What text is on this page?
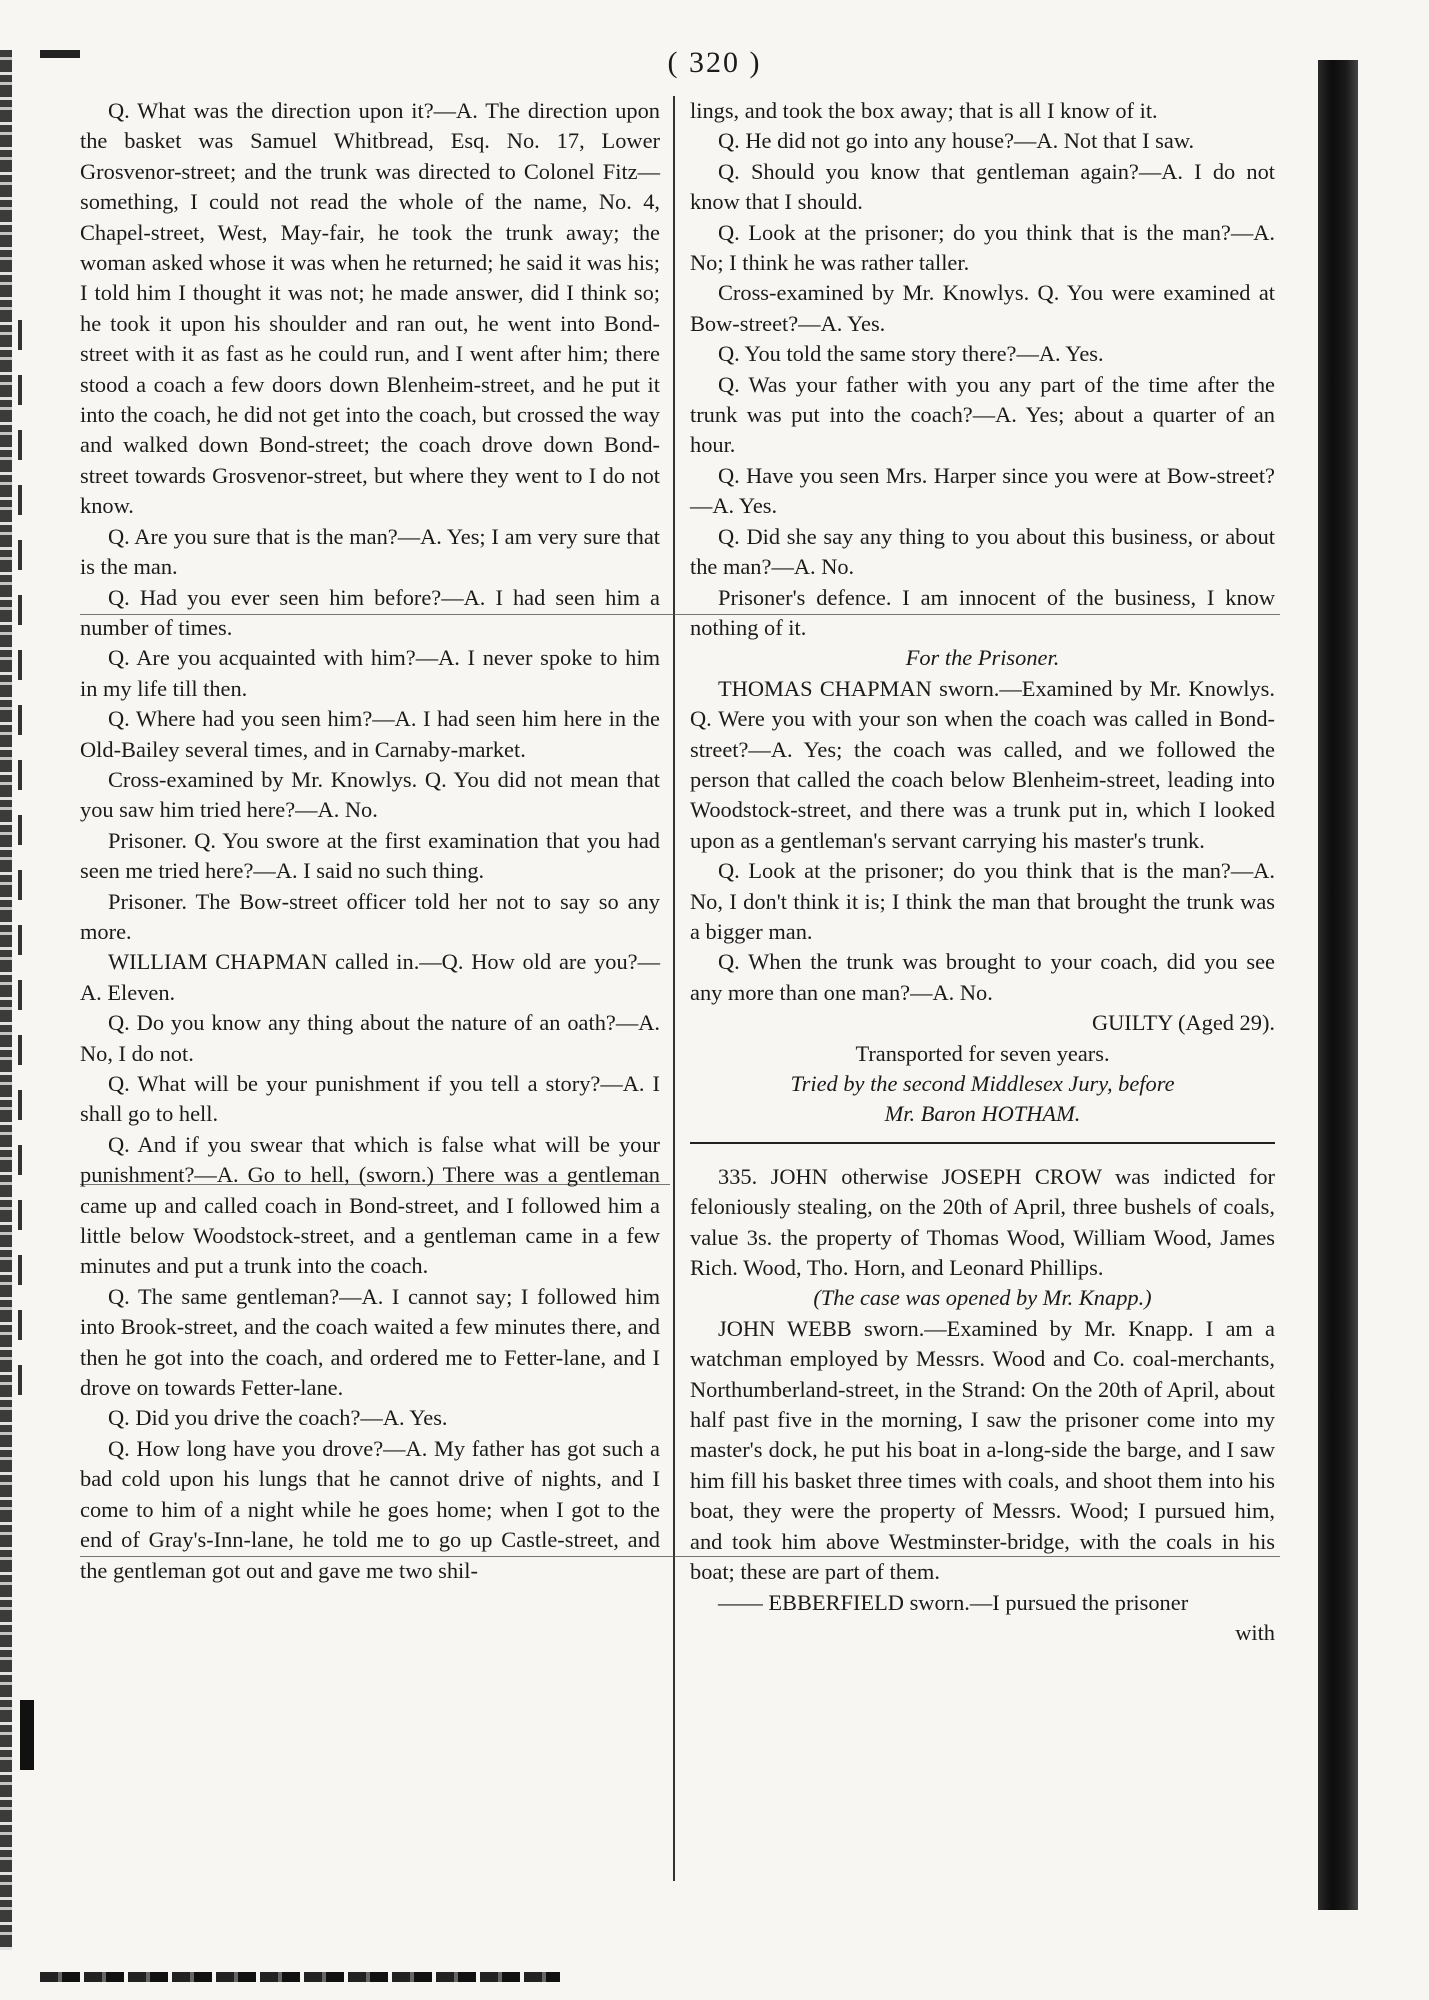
( 320 )

Q. What was the direction upon it?—A. The direction upon the basket was Samuel Whitbread, Esq. No. 17, Lower Grosvenor-street; and the trunk was directed to Colonel Fitz— something, I could not read the whole of the name, No. 4, Chapel-street, West, May-fair, he took the trunk away; the woman asked whose it was when he returned; he said it was his; I told him I thought it was not; he made answer, did I think so; he took it upon his shoulder and ran out, he went into Bond-street with it as fast as he could run, and I went after him; there stood a coach a few doors down Blenheim-street, and he put it into the coach, he did not get into the coach, but crossed the way and walked down Bond-street; the coach drove down Bond-street towards Grosvenor-street, but where they went to I do not know.

Q. Are you sure that is the man?—A. Yes; I am very sure that is the man.

Q. Had you ever seen him before?—A. I had seen him a number of times.

Q. Are you acquainted with him?—A. I never spoke to him in my life till then.

Q. Where had you seen him?—A. I had seen him here in the Old-Bailey several times, and in Carnaby-market.

Cross-examined by Mr. Knowlys. Q. You did not mean that you saw him tried here?—A. No.

Prisoner. Q. You swore at the first examination that you had seen me tried here?—A. I said no such thing.

Prisoner. The Bow-street officer told her not to say so any more.

WILLIAM CHAPMAN called in.—Q. How old are you?—A. Eleven.

Q. Do you know any thing about the nature of an oath?—A. No, I do not.

Q. What will be your punishment if you tell a story?—A. I shall go to hell.

Q. And if you swear that which is false what will be your punishment?—A. Go to hell, (sworn.) There was a gentleman came up and called coach in Bond-street, and I followed him a little below Woodstock-street, and a gentleman came in a few minutes and put a trunk into the coach.

Q. The same gentleman?—A. I cannot say; I followed him into Brook-street, and the coach waited a few minutes there, and then he got into the coach, and ordered me to Fetter-lane, and I drove on towards Fetter-lane.

Q. Did you drive the coach?—A. Yes.

Q. How long have you drove?—A. My father has got such a bad cold upon his lungs that he cannot drive of nights, and I come to him of a night while he goes home; when I got to the end of Gray's-Inn-lane, he told me to go up Castle-street, and the gentleman got out and gave me two shil-

lings, and took the box away; that is all I know of it.

Q. He did not go into any house?—A. Not that I saw.

Q. Should you know that gentleman again?—A. I do not know that I should.

Q. Look at the prisoner; do you think that is the man?—A. No; I think he was rather taller.

Cross-examined by Mr. Knowlys. Q. You were examined at Bow-street?—A. Yes.

Q. You told the same story there?—A. Yes.

Q. Was your father with you any part of the time after the trunk was put into the coach?—A. Yes; about a quarter of an hour.

Q. Have you seen Mrs. Harper since you were at Bow-street?—A. Yes.

Q. Did she say any thing to you about this business, or about the man?—A. No.

Prisoner's defence. I am innocent of the business, I know nothing of it.

For the Prisoner.

THOMAS CHAPMAN sworn.—Examined by Mr. Knowlys. Q. Were you with your son when the coach was called in Bond-street?—A. Yes; the coach was called, and we followed the person that called the coach below Blenheim-street, leading into Woodstock-street, and there was a trunk put in, which I looked upon as a gentleman's servant carrying his master's trunk.

Q. Look at the prisoner; do you think that is the man?—A. No, I don't think it is; I think the man that brought the trunk was a bigger man.

Q. When the trunk was brought to your coach, did you see any more than one man?—A. No.

GUILTY (Aged 29).

Transported for seven years.

Tried by the second Middlesex Jury, before

Mr. Baron HOTHAM.

335. JOHN otherwise JOSEPH CROW was indicted for feloniously stealing, on the 20th of April, three bushels of coals, value 3s. the property of Thomas Wood, William Wood, James Rich. Wood, Tho. Horn, and Leonard Phillips.

(The case was opened by Mr. Knapp.)

JOHN WEBB sworn.—Examined by Mr. Knapp. I am a watchman employed by Messrs. Wood and Co. coal-merchants, Northumberland-street, in the Strand: On the 20th of April, about half past five in the morning, I saw the prisoner come into my master's dock, he put his boat in a-long-side the barge, and I saw him fill his basket three times with coals, and shoot them into his boat, they were the property of Messrs. Wood; I pursued him, and took him above Westminster-bridge, with the coals in his boat; these are part of them.

—— EBBERFIELD sworn.—I pursued the prisoner

with
